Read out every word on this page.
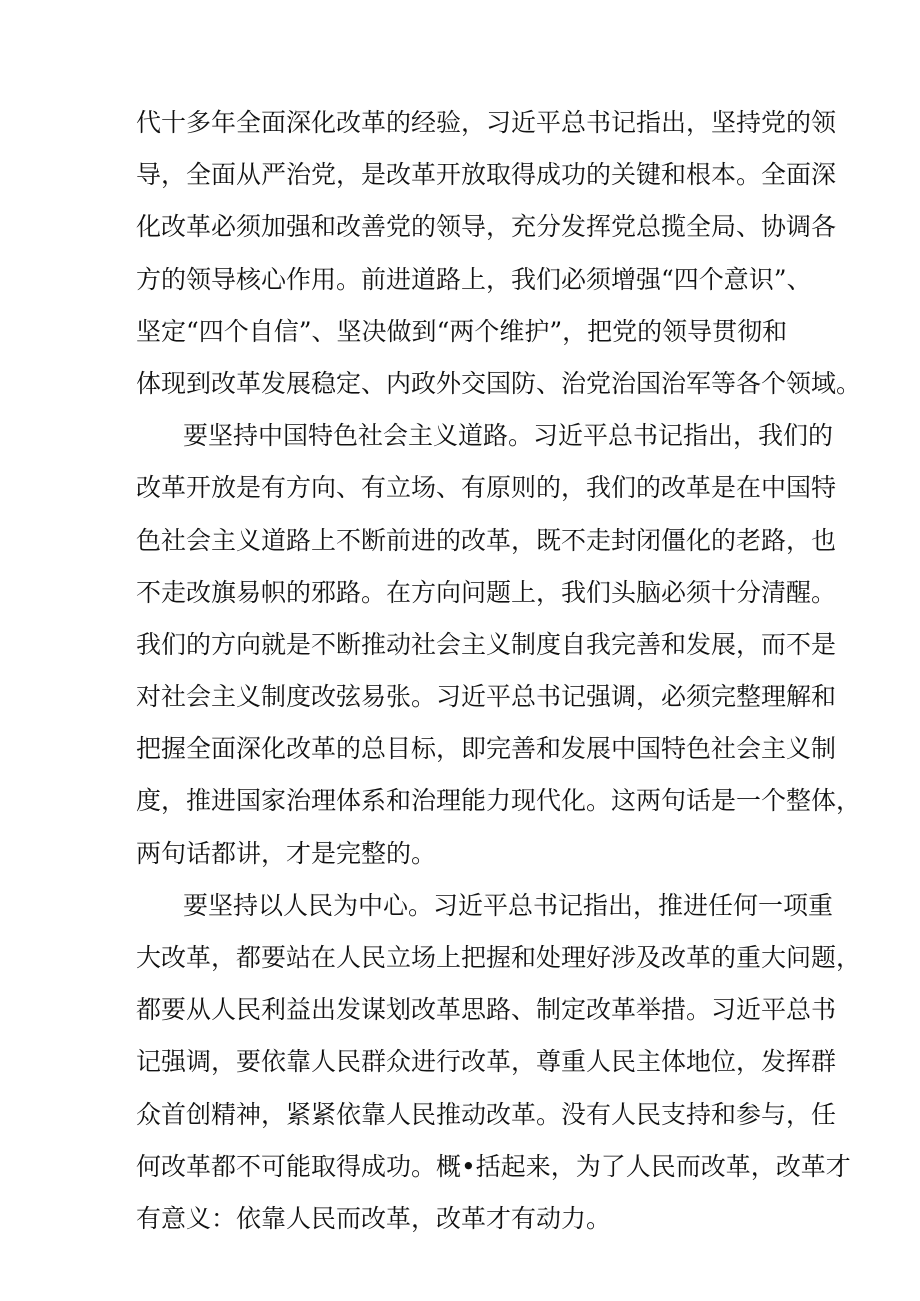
代十多年全面深化改革的经验，习近平总书记指出，坚持党的领
导，全面从严治党，是改革开放取得成功的关键和根本。全面深
化改革必须加强和改善党的领导，充分发挥党总揽全局、协调各
方的领导核心作用。前进道路上，我们必须增强“四个意识”、
坚定“四个自信”、坚决做到“两个维护”，把党的领导贯彻和
体现到改革发展稳定、内政外交国防、治党治国治军等各个领域。
要坚持中国特色社会主义道路。习近平总书记指出，我们的
改革开放是有方向、有立场、有原则的，我们的改革是在中国特
色社会主义道路上不断前进的改革，既不走封闭僵化的老路，也
不走改旗易帜的邪路。在方向问题上，我们头脑必须十分清醒。
我们的方向就是不断推动社会主义制度自我完善和发展，而不是
对社会主义制度改弦易张。习近平总书记强调，必须完整理解和
把握全面深化改革的总目标，即完善和发展中国特色社会主义制
度，推进国家治理体系和治理能力现代化。这两句话是一个整体，
两句话都讲，才是完整的。
要坚持以人民为中心。习近平总书记指出，推进任何一项重
大改革，都要站在人民立场上把握和处理好涉及改革的重大问题，
都要从人民利益出发谋划改革思路、制定改革举措。习近平总书
记强调，要依靠人民群众进行改革，尊重人民主体地位，发挥群
众首创精神，紧紧依靠人民推动改革。没有人民支持和参与，任
何改革都不可能取得成功。概•括起来，为了人民而改革，改革才
有意义：依靠人民而改革，改革才有动力。
